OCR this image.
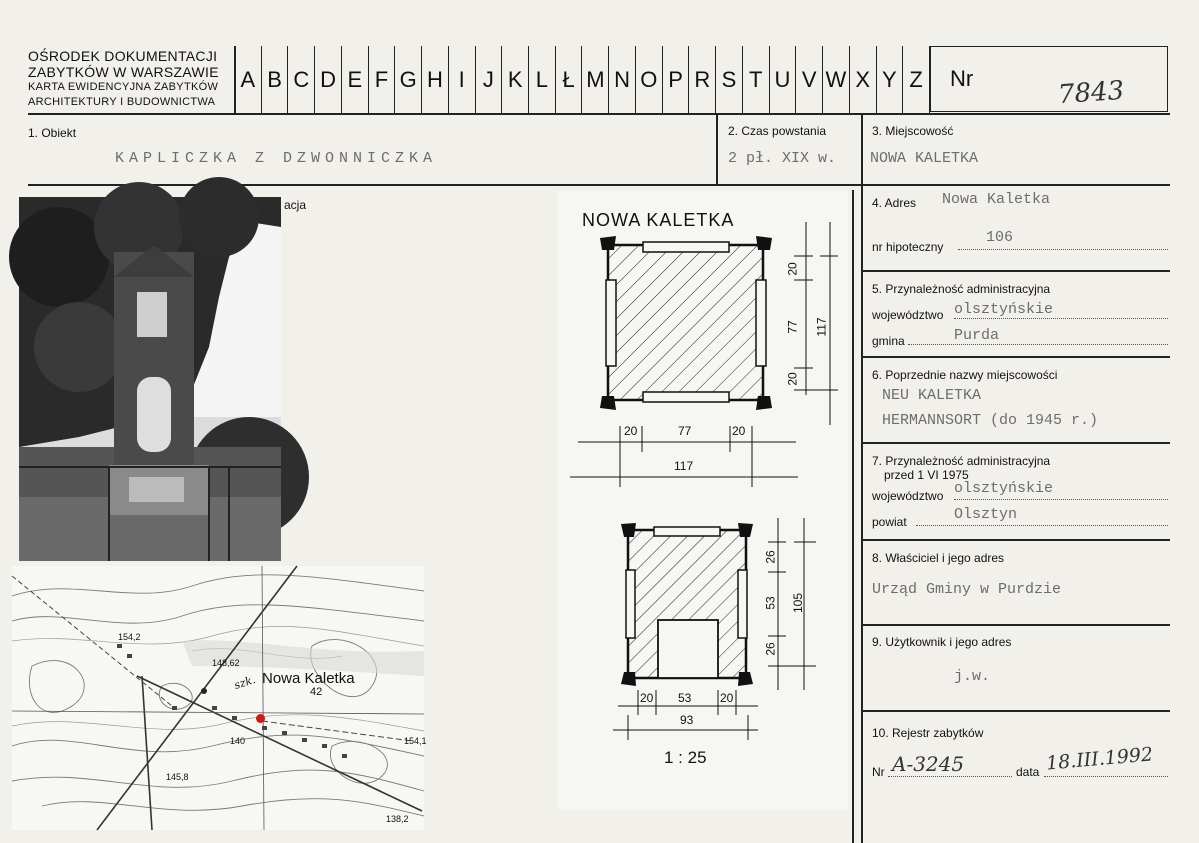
OŚRODEK DOKUMENTACJI
ZABYTKÓW W WARSZAWIE
KARTA EWIDENCYJNA ZABYTKÓW
ARCHITEKTURY I BUDOWNICTWA
A B C D E F G H I J K L Ł M N O P R S T U V W X Y Z	Nr	7843
1. Obiekt
KAPLICZKA Z DZWONNICZKA
2. Czas powstania
2 pł. XIX w.
3. Miejscowość
NOWA KALETKA
acja
szk. Nowa Kaletka
42
154,2
148,62
140	154,1
145,8
138,2
NOWA KALETKA
20	77	20
117
20
77
20
117
20 53 20
93
26
53
26
105
1 : 25
4. Adres Nowa Kaletka
nr hipoteczny
106
5. Przynależność administracyjna
województwo olsztyńskie
gmina	Purda
6. Poprzednie nazwy miejscowości
NEU KALETKA
HERMANNSORT (do 1945 r.)
7. Przynależność administracyjna
przed 1 VI 1975
województwo olsztyńskie
powiat	Olsztyn
8. Właściciel i jego adres
Urząd Gminy w Purdzie
9. Użytkownik i jego adres
j.w.
10. Rejestr zabytków
Nr A-3245	data 18.III.1992
